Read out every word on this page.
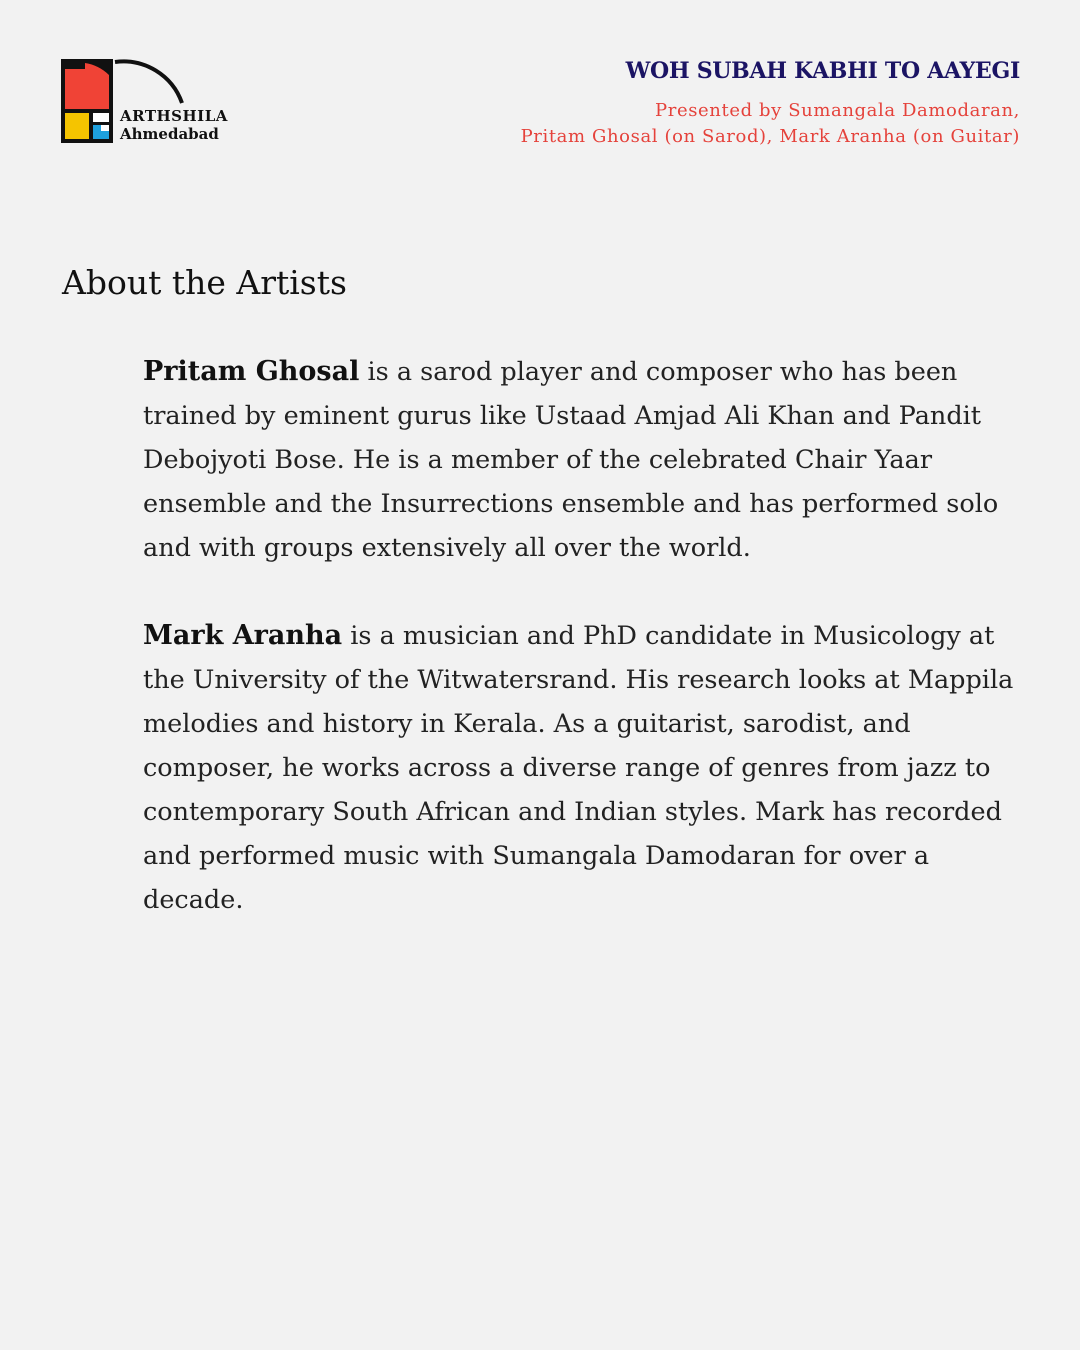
ARTHSHILA
Ahmedabad
WOH SUBAH KABHI TO AAYEGI
Presented by Sumangala Damodaran,
Pritam Ghosal (on Sarod), Mark Aranha (on Guitar)
About the Artists

Pritam Ghosal is a sarod player and composer who has been trained by eminent gurus like Ustaad Amjad Ali Khan and Pandit Debojyoti Bose. He is a member of the celebrated Chair Yaar ensemble and the Insurrections ensemble and has performed solo and with groups extensively all over the world.

Mark Aranha is a musician and PhD candidate in Musicology at the University of the Witwatersrand. His research looks at Mappila melodies and history in Kerala. As a guitarist, sarodist, and composer, he works across a diverse range of genres from jazz to contemporary South African and Indian styles. Mark has recorded and performed music with Sumangala Damodaran for over a decade.
